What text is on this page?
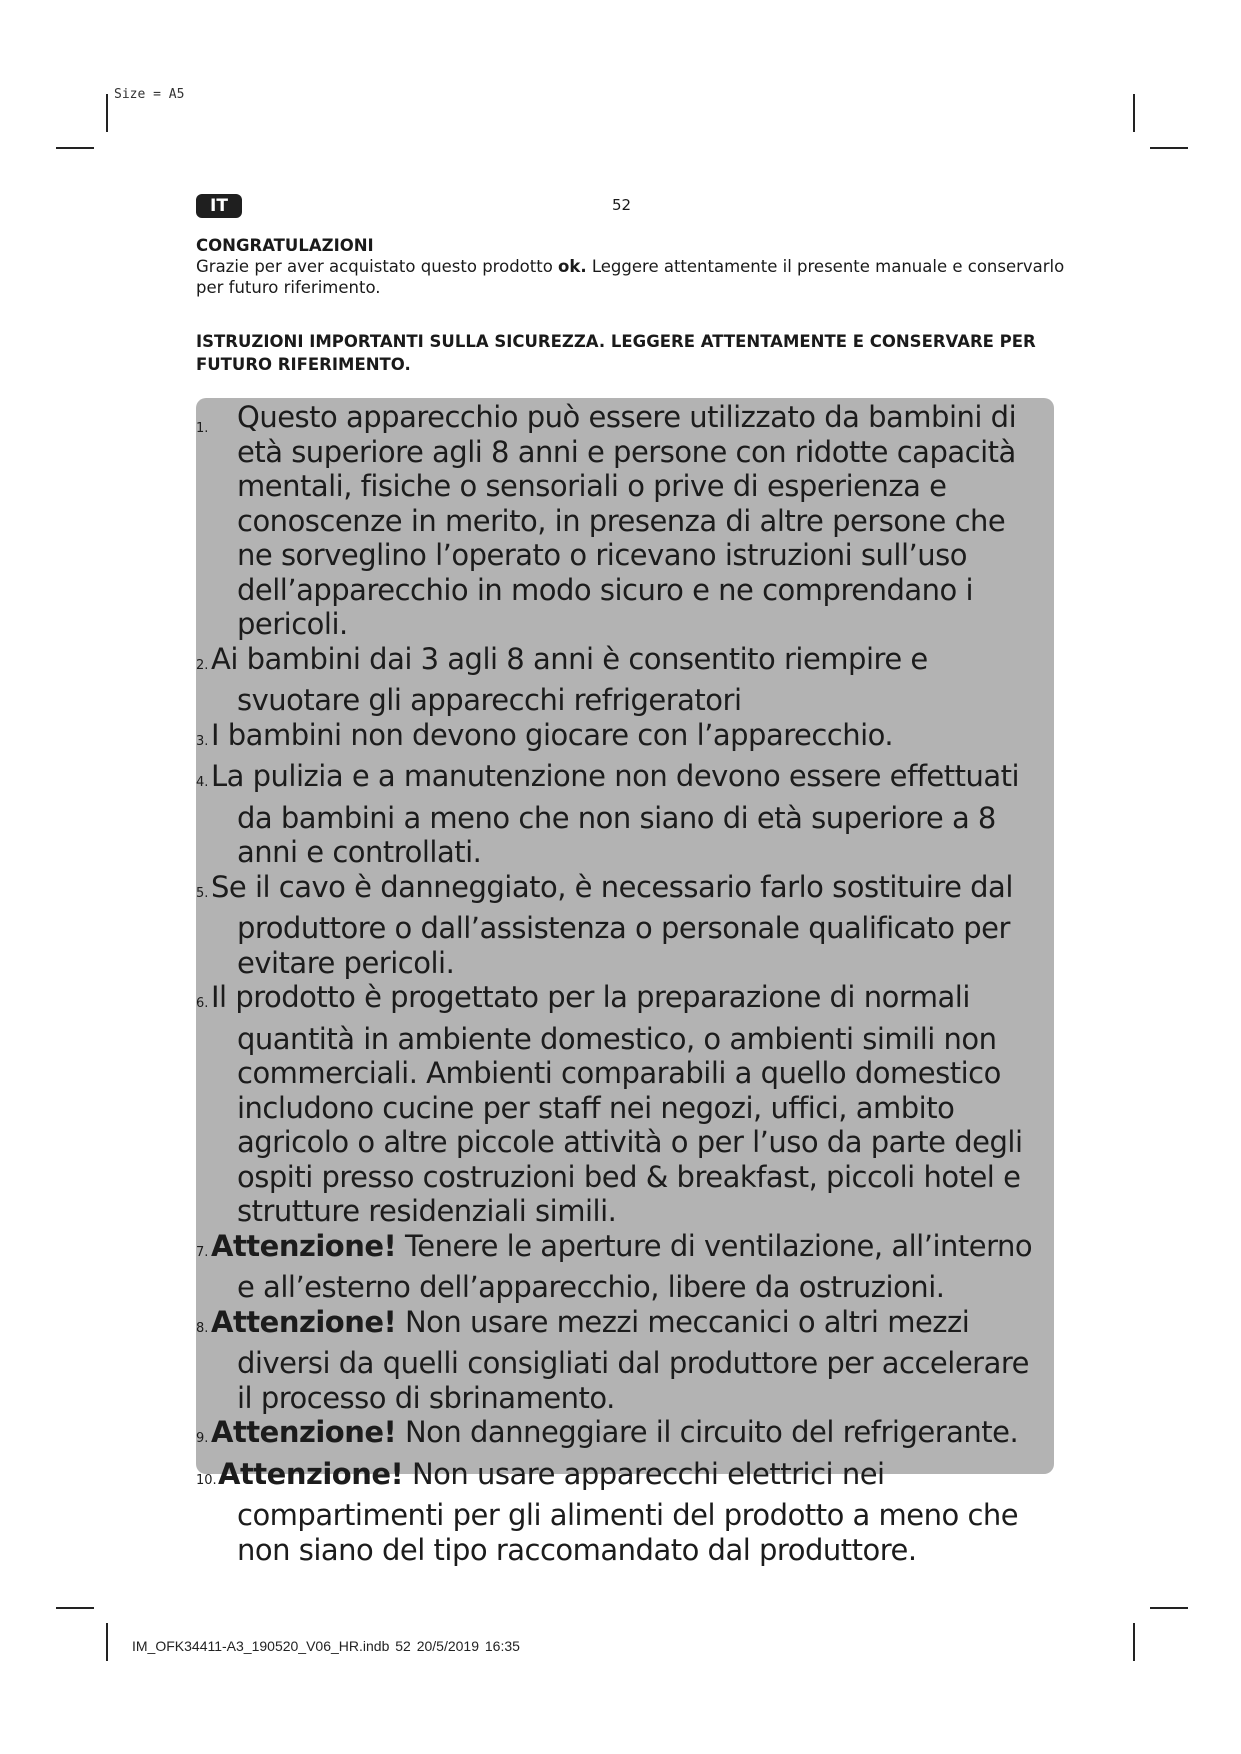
Size = A5
IT	52
CONGRATULAZIONI
Grazie per aver acquistato questo prodotto ok. Leggere attentamente il presente manuale e conservarlo per futuro riferimento.
ISTRUZIONI IMPORTANTI SULLA SICUREZZA. LEGGERE ATTENTAMENTE E CONSERVARE PER FUTURO RIFERIMENTO.
1. Questo apparecchio può essere utilizzato da bambini di età superiore agli 8 anni e persone con ridotte capacità mentali, fisiche o sensoriali o prive di esperienza e conoscenze in merito, in presenza di altre persone che ne sorveglino l’operato o ricevano istruzioni sull’uso dell’apparecchio in modo sicuro e ne comprendano i pericoli.
2.Ai bambini dai 3 agli 8 anni è consentito riempire e svuotare gli apparecchi refrigeratori
3.I bambini non devono giocare con l’apparecchio.
4.La pulizia e a manutenzione non devono essere effettuati da bambini a meno che non siano di età superiore a 8 anni e controllati.
5.Se il cavo è danneggiato, è necessario farlo sostituire dal produttore o dall’assistenza o personale qualificato per evitare pericoli.
6.Il prodotto è progettato per la preparazione di normali quantità in ambiente domestico, o ambienti simili non commerciali. Ambienti comparabili a quello domestico includono cucine per staff nei negozi, uffici, ambito agricolo o altre piccole attività o per l’uso da parte degli ospiti presso costruzioni bed & breakfast, piccoli hotel e strutture residenziali simili.
7.Attenzione! Tenere le aperture di ventilazione, all’interno e all’esterno dell’apparecchio, libere da ostruzioni.
8.Attenzione! Non usare mezzi meccanici o altri mezzi diversi da quelli consigliati dal produttore per accelerare il processo di sbrinamento.
9.Attenzione! Non danneggiare il circuito del refrigerante.
10.Attenzione! Non usare apparecchi elettrici nei compartimenti per gli alimenti del prodotto a meno che non siano del tipo raccomandato dal produttore.
IM_OFK34411-A3_190520_V06_HR.indb 52 20/5/2019 16:35
